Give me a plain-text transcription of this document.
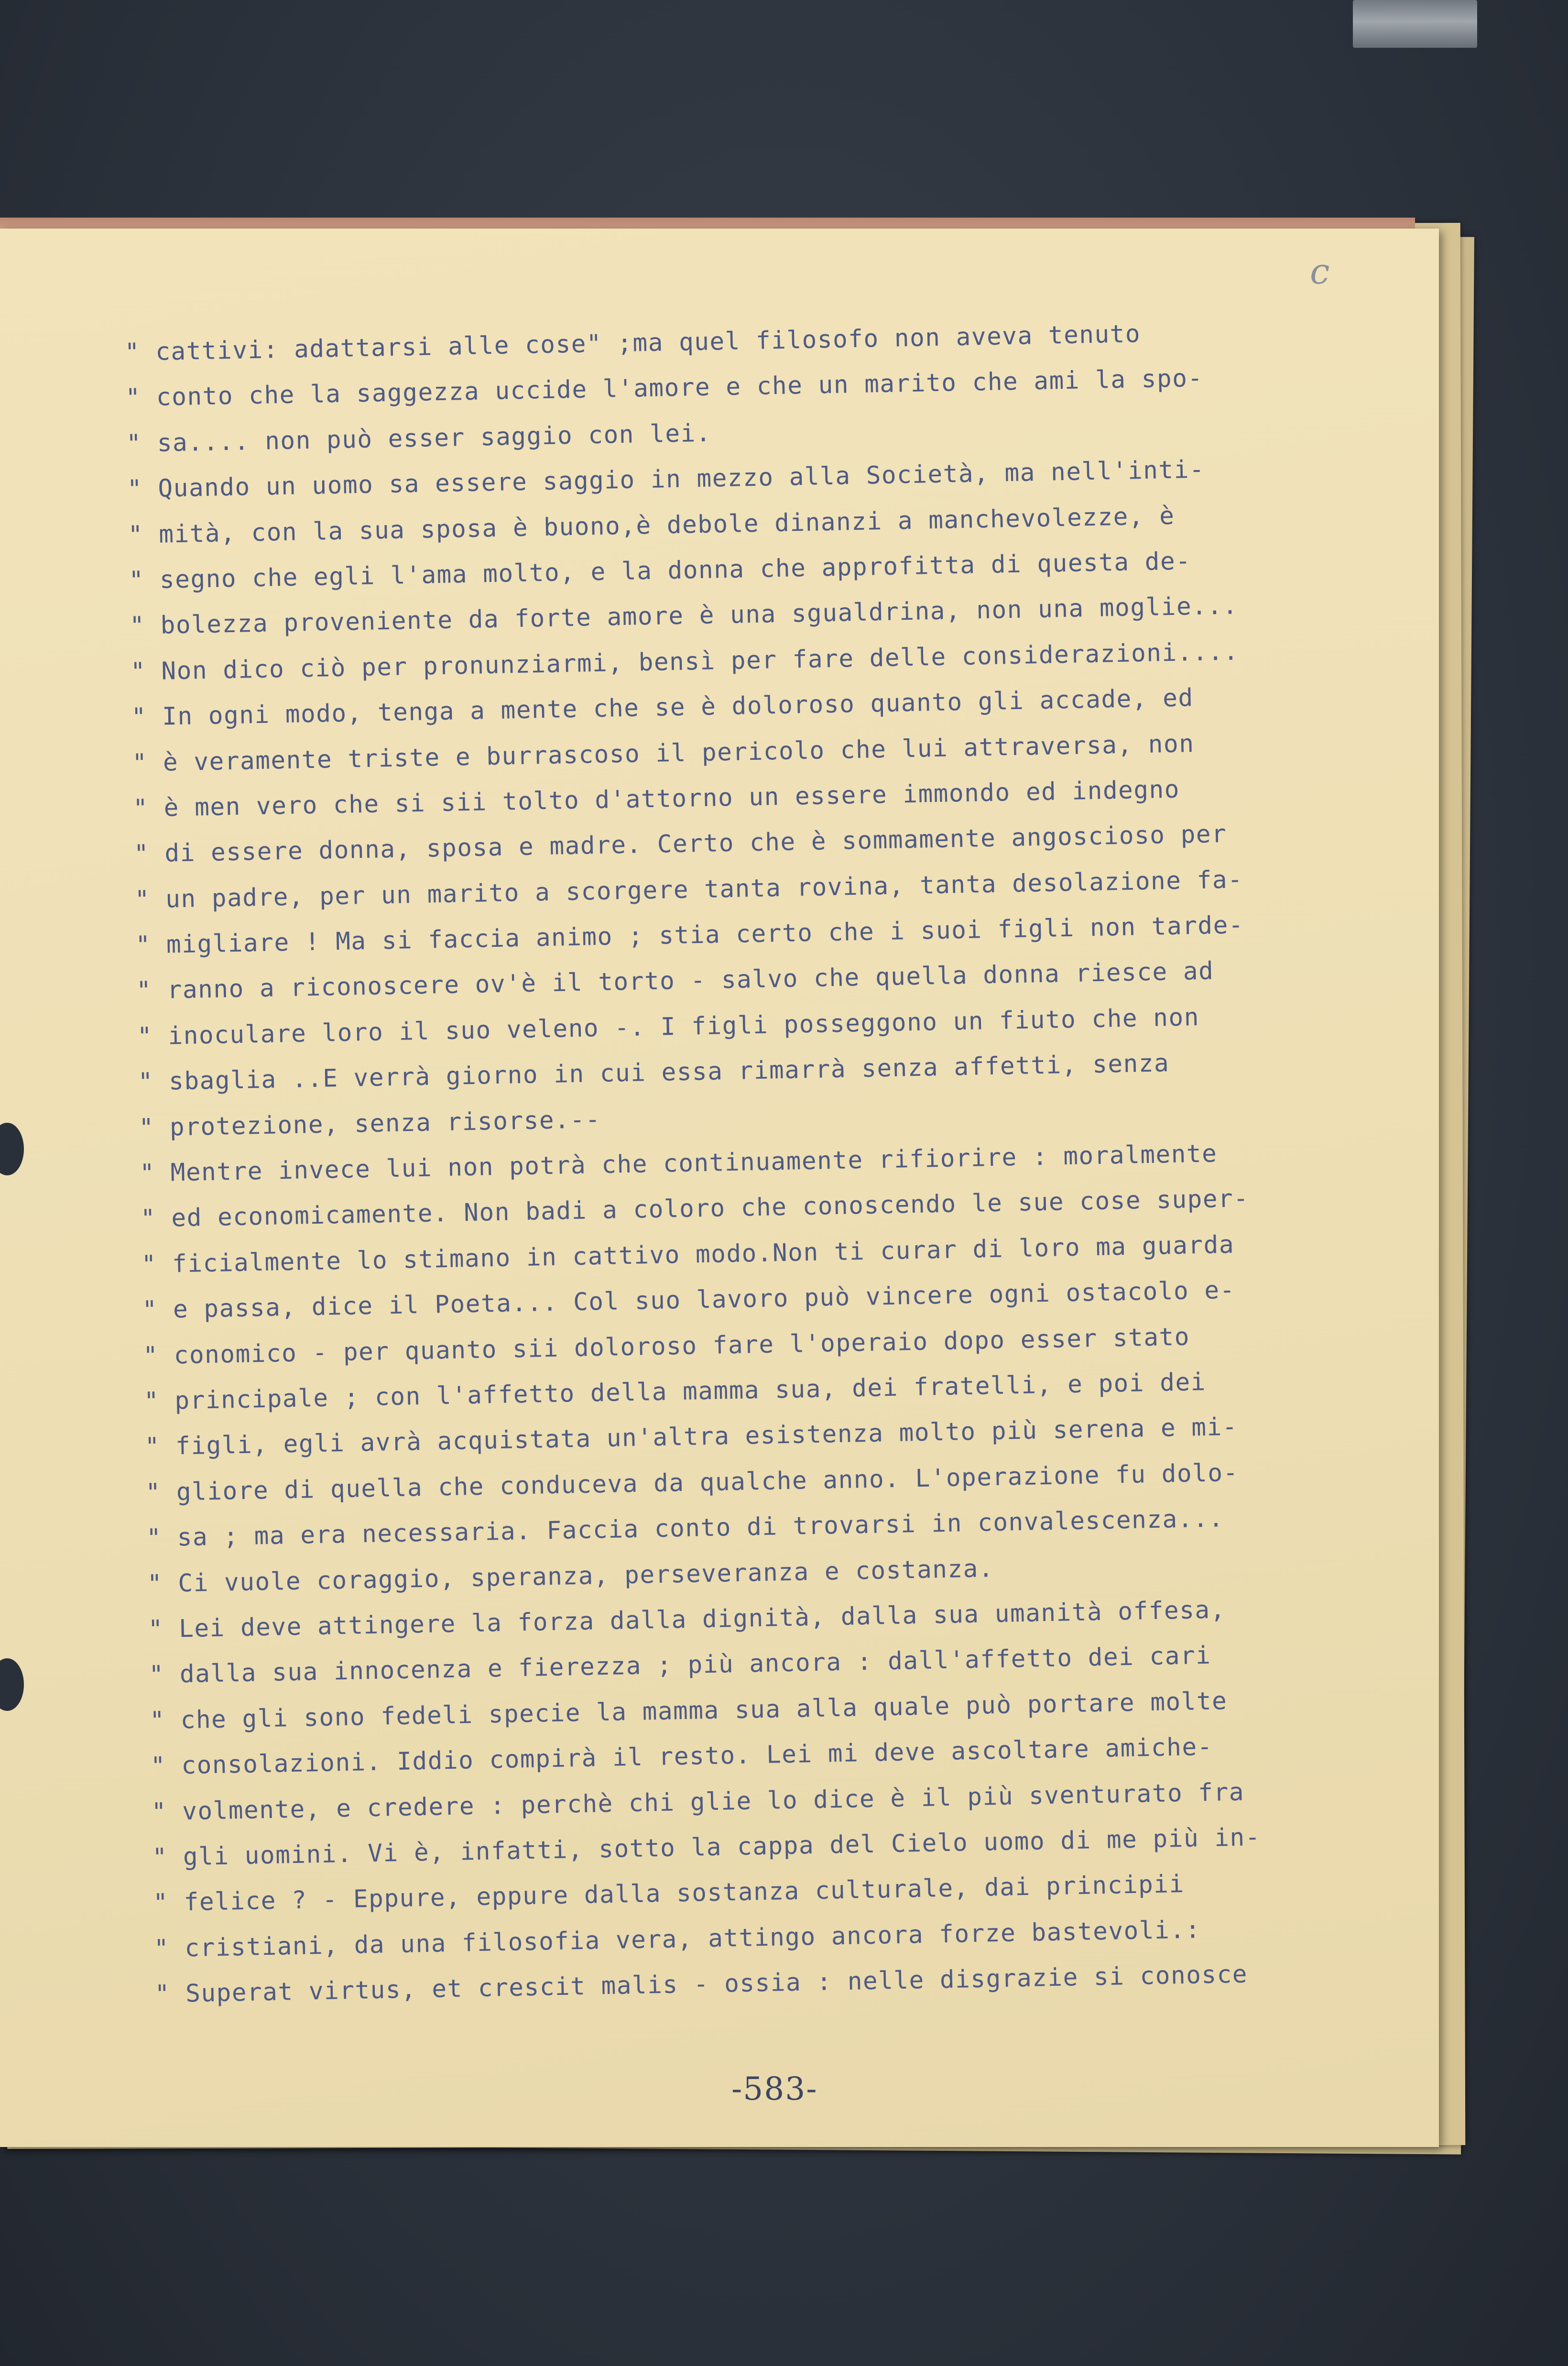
c
" cattivi: adattarsi alle cose" ;ma quel filosofo non aveva tenuto
" conto che la saggezza uccide l'amore e che un marito che ami la spo-
" sa.... non può esser saggio con lei.
" Quando un uomo sa essere saggio in mezzo alla Società, ma nell'inti-
" mità, con la sua sposa è buono,è debole dinanzi a manchevolezze, è
" segno che egli l'ama molto, e la donna che approfitta di questa de-
" bolezza proveniente da forte amore è una sgualdrina, non una moglie...
" Non dico ciò per pronunziarmi, bensì per fare delle considerazioni....
" In ogni modo, tenga a mente che se è doloroso quanto gli accade, ed
" è veramente triste e burrascoso il pericolo che lui attraversa, non
" è men vero che si sii tolto d'attorno un essere immondo ed indegno
" di essere donna, sposa e madre. Certo che è sommamente angoscioso per
" un padre, per un marito a scorgere tanta rovina, tanta desolazione fa-
" migliare ! Ma si faccia animo ; stia certo che i suoi figli non tarde-
" ranno a riconoscere ov'è il torto - salvo che quella donna riesce ad
" inoculare loro il suo veleno -. I figli posseggono un fiuto che non
" sbaglia ..E verrà giorno in cui essa rimarrà senza affetti, senza
" protezione, senza risorse.--
" Mentre invece lui non potrà che continuamente rifiorire : moralmente
" ed economicamente. Non badi a coloro che conoscendo le sue cose super-
" ficialmente lo stimano in cattivo modo.Non ti curar di loro ma guarda
" e passa, dice il Poeta... Col suo lavoro può vincere ogni ostacolo e-
" conomico - per quanto sii doloroso fare l'operaio dopo esser stato
" principale ; con l'affetto della mamma sua, dei fratelli, e poi dei
" figli, egli avrà acquistata un'altra esistenza molto più serena e mi-
" gliore di quella che conduceva da qualche anno. L'operazione fu dolo-
" sa ; ma era necessaria. Faccia conto di trovarsi in convalescenza...
" Ci vuole coraggio, speranza, perseveranza e costanza.
" Lei deve attingere la forza dalla dignità, dalla sua umanità offesa,
" dalla sua innocenza e fierezza ; più ancora : dall'affetto dei cari
" che gli sono fedeli specie la mamma sua alla quale può portare molte
" consolazioni. Iddio compirà il resto. Lei mi deve ascoltare amiche-
" volmente, e credere : perchè chi glie lo dice è il più sventurato fra
" gli uomini. Vi è, infatti, sotto la cappa del Cielo uomo di me più in-
" felice ? - Eppure, eppure dalla sostanza culturale, dai principii
" cristiani, da una filosofia vera, attingo ancora forze bastevoli.:
" Superat virtus, et crescit malis - ossia : nelle disgrazie si conosce
-583-
